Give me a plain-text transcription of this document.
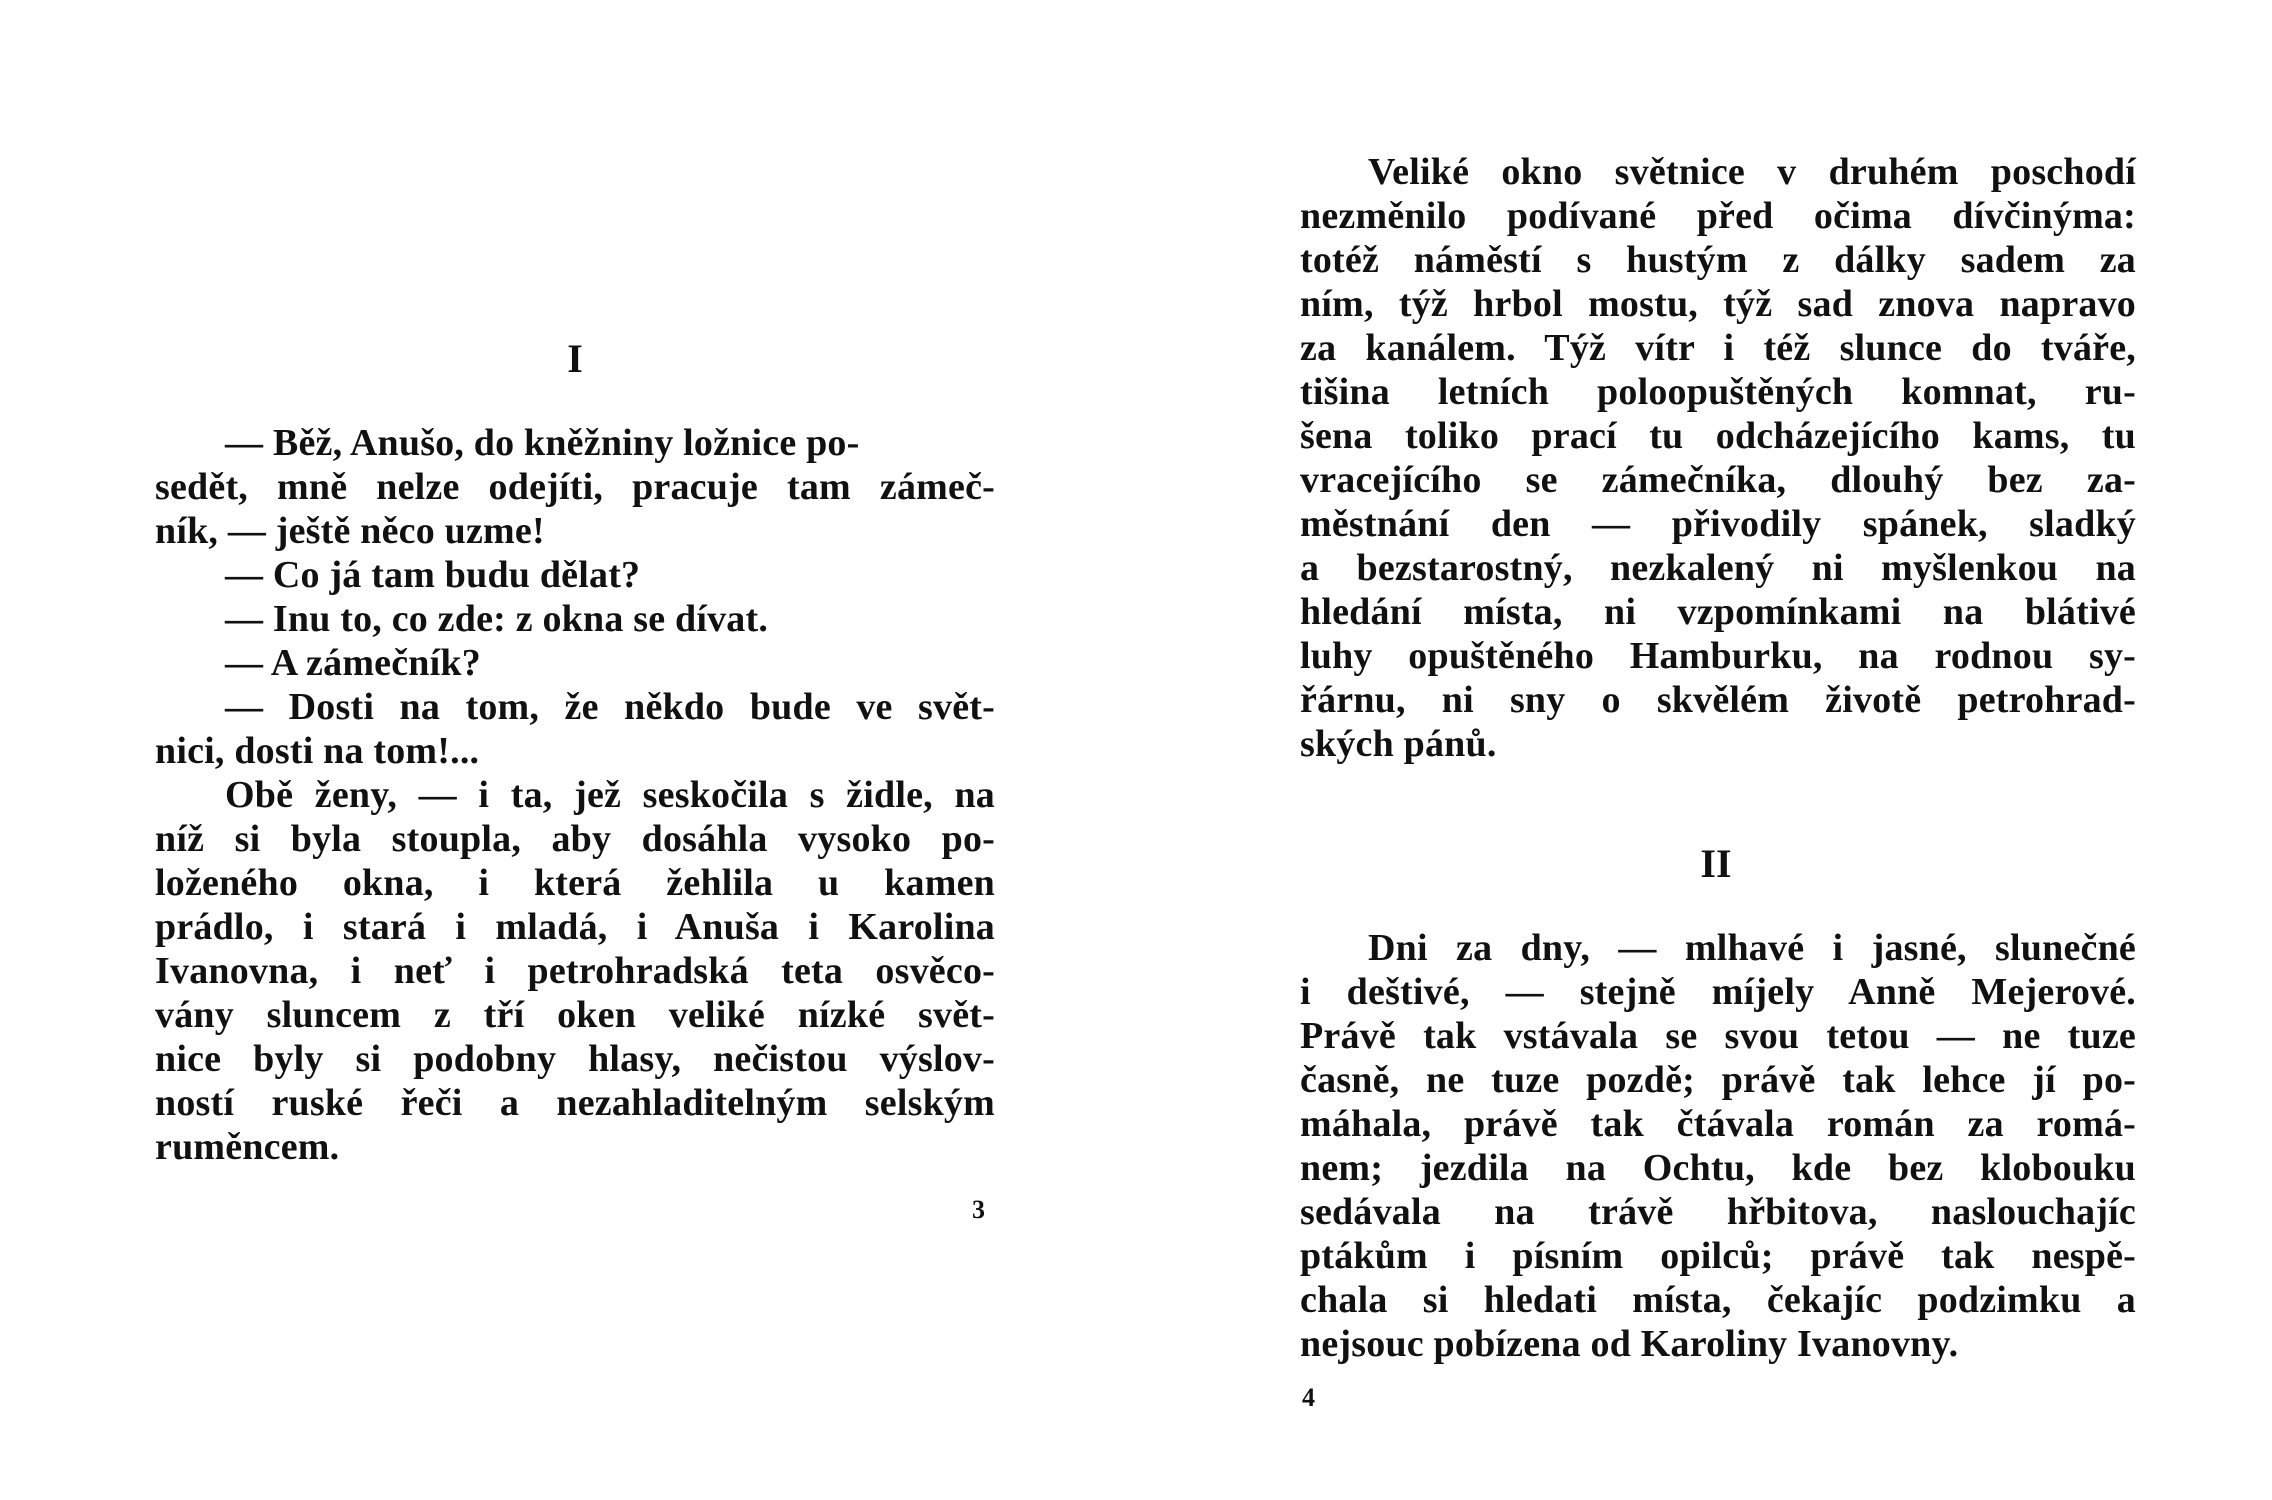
I
— Běž, Anušo, do kněžniny ložnice po-
sedět, mně nelze odejíti, pracuje tam zámeč-
ník, — ještě něco uzme!
— Co já tam budu dělat?
— Inu to, co zde: z okna se dívat.
— A zámečník?
— Dosti na tom, že někdo bude ve svět-
nici, dosti na tom!...
Obě ženy, — i ta, jež seskočila s židle, na
níž si byla stoupla, aby dosáhla vysoko po-
loženého okna, i která žehlila u kamen
prádlo, i stará i mladá, i Anuša i Karolina
Ivanovna, i neť i petrohradská teta osvěco-
vány sluncem z tří oken veliké nízké svět-
nice byly si podobny hlasy, nečistou výslov-
ností ruské řeči a nezahladitelným selským
ruměncem.
3
Veliké okno světnice v druhém poschodí
nezměnilo podívané před očima dívčinýma:
totéž náměstí s hustým z dálky sadem za
ním, týž hrbol mostu, týž sad znova napravo
za kanálem. Týž vítr i též slunce do tváře,
tišina letních poloopuštěných komnat, ru-
šena toliko prací tu odcházejícího kams, tu
vracejícího se zámečníka, dlouhý bez za-
městnání den — přivodily spánek, sladký
a bezstarostný, nezkalený ni myšlenkou na
hledání místa, ni vzpomínkami na blátivé
luhy opuštěného Hamburku, na rodnou sy-
řárnu, ni sny o skvělém životě petrohrad-
ských pánů.
II
Dni za dny, — mlhavé i jasné, slunečné
i deštivé, — stejně míjely Anně Mejerové.
Právě tak vstávala se svou tetou — ne tuze
časně, ne tuze pozdě; právě tak lehce jí po-
máhala, právě tak čtávala román za romá-
nem; jezdila na Ochtu, kde bez klobouku
sedávala na trávě hřbitova, naslouchajíc
ptákům i písním opilců; právě tak nespě-
chala si hledati místa, čekajíc podzimku a
nejsouc pobízena od Karoliny Ivanovny.
4
